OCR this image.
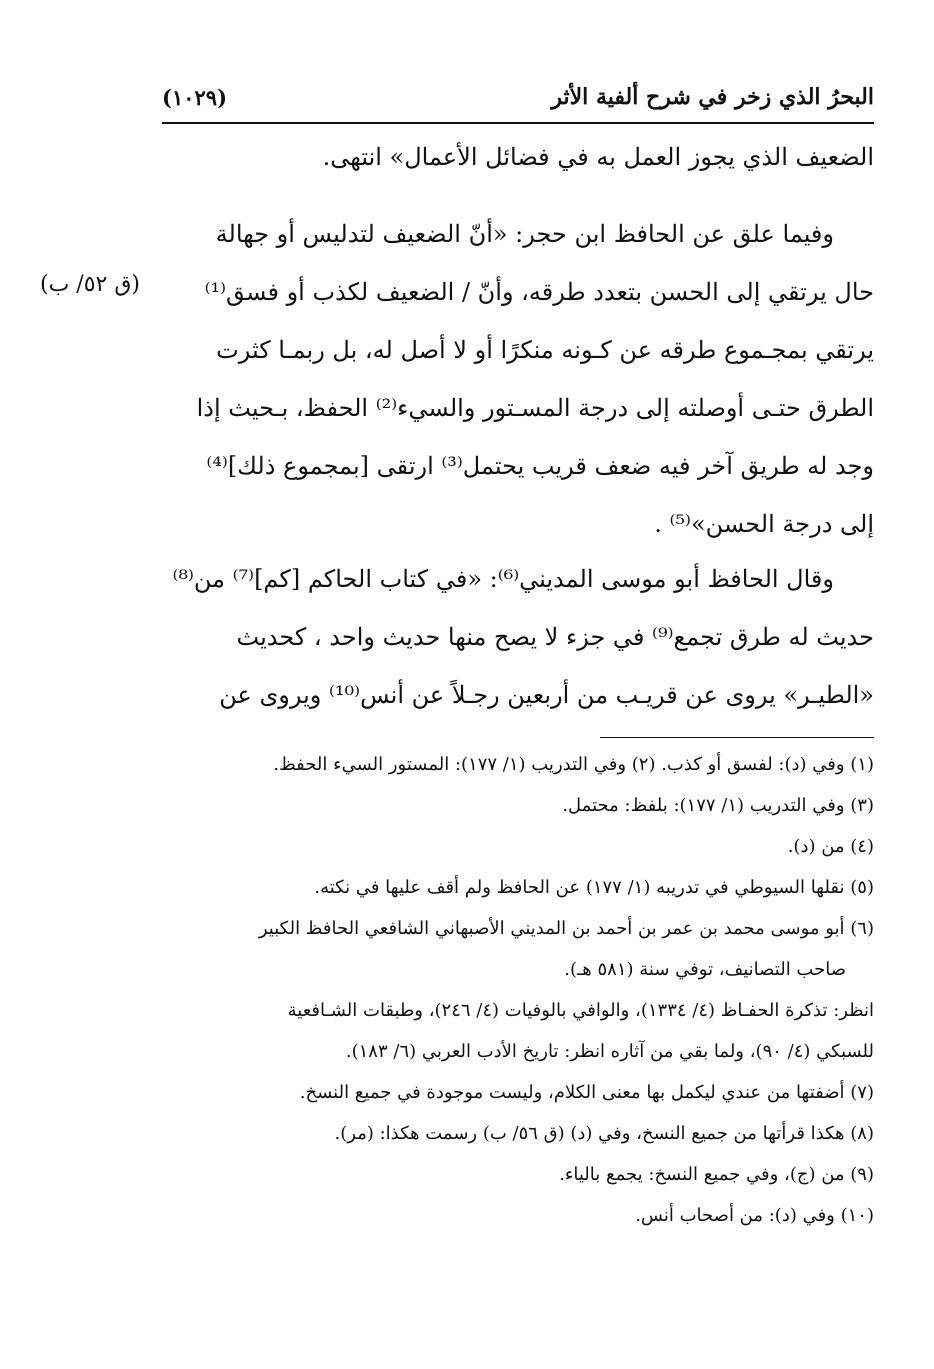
البحرُ الذي زخر في شرح ألفية الأثر
(١٠٢٩)
الضعيف الذي يجوز العمل به في فضائل الأعمال» انتهى.
وفيما علق عن الحافظ ابن حجر: «أنّ الضعيف لتدليس أو جهالة
حال يرتقي إلى الحسن بتعدد طرقه، وأنّ / الضعيف لكذب أو فسق⁽¹⁾
يرتقي بمجـموع طرقه عن كـونه منكرًا أو لا أصل له، بل ربمـا كثرت
الطرق حتـى أوصلته إلى درجة المسـتور والسيء⁽²⁾ الحفظ، بـحيث إذا
وجد له طريق آخر فيه ضعف قريب يحتمل⁽³⁾ ارتقى [بمجموع ذلك]⁽⁴⁾
إلى درجة الحسن»⁽⁵⁾ .
وقال الحافظ أبو موسى المديني⁽⁶⁾: «في كتاب الحاكم [كم]⁽⁷⁾ من⁽⁸⁾
حديث له طرق تجمع⁽⁹⁾ في جزء لا يصح منها حديث واحد ، كحديث
«الطيـر» يروى عن قريـب من أربعين رجـلاً عن أنس⁽¹⁰⁾ ويروى عن
(ق ٥٢/ ب)
(١) وفي (د): لفسق أو كذب. (٢) وفي التدريب (١/ ١٧٧): المستور السيء الحفظ.
(٣) وفي التدريب (١/ ١٧٧): بلفظ: محتمل.
(٤) من (د).
(٥) نقلها السيوطي في تدريبه (١/ ١٧٧) عن الحافظ ولم أقف عليها في نكته.
(٦) أبو موسى محمد بن عمر بن أحمد بن المديني الأصبهاني الشافعي الحافظ الكبير
صاحب التصانيف، توفي سنة (٥٨١ هـ).
انظر: تذكرة الحفـاظ (٤/ ١٣٣٤)، والوافي بالوفيات (٤/ ٢٤٦)، وطبقات الشـافعية
للسبكي (٤/ ٩٠)، ولما بقي من آثاره انظر: تاريخ الأدب العربي (٦/ ١٨٣).
(٧) أضفتها من عندي ليكمل بها معنى الكلام، وليست موجودة في جميع النسخ.
(٨) هكذا قرأتها من جميع النسخ، وفي (د) (ق ٥٦/ ب) رسمت هكذا: (مر).
(٩) من (ج)، وفي جميع النسخ: يجمع بالياء.
(١٠) وفي (د): من أصحاب أنس.
